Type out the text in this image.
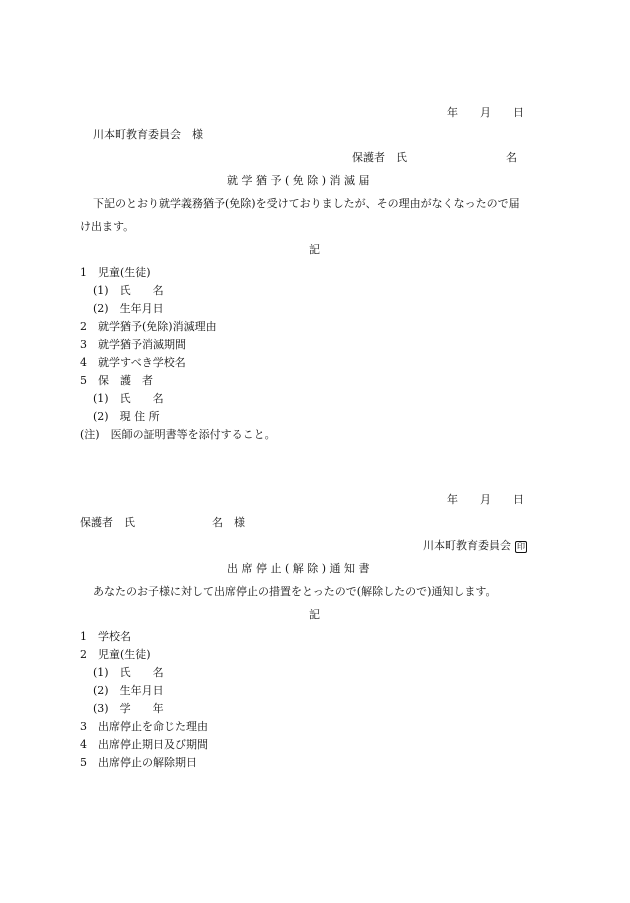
年　　月　　日
川本町教育委員会　様
保護者　氏　　　　　　　　　名
就 学 猶 予 ( 免 除 ) 消 滅 届
下記のとおり就学義務猶予(免除)を受けておりましたが、その理由がなくなったので届
け出ます。
記
1　児童(生徒)
(1)　氏　　名
(2)　生年月日
2　就学猶予(免除)消滅理由
3　就学猶予消滅期間
4　就学すべき学校名
5　保　護　者
(1)　氏　　名
(2)　現 住 所
(注)　医師の証明書等を添付すること。
年　　月　　日
保護者　氏　　　　　　　名　様
川本町教育委員会 印
出 席 停 止 ( 解 除 ) 通 知 書
あなたのお子様に対して出席停止の措置をとったので(解除したので)通知します。
記
1　学校名
2　児童(生徒)
(1)　氏　　名
(2)　生年月日
(3)　学　　年
3　出席停止を命じた理由
4　出席停止期日及び期間
5　出席停止の解除期日
